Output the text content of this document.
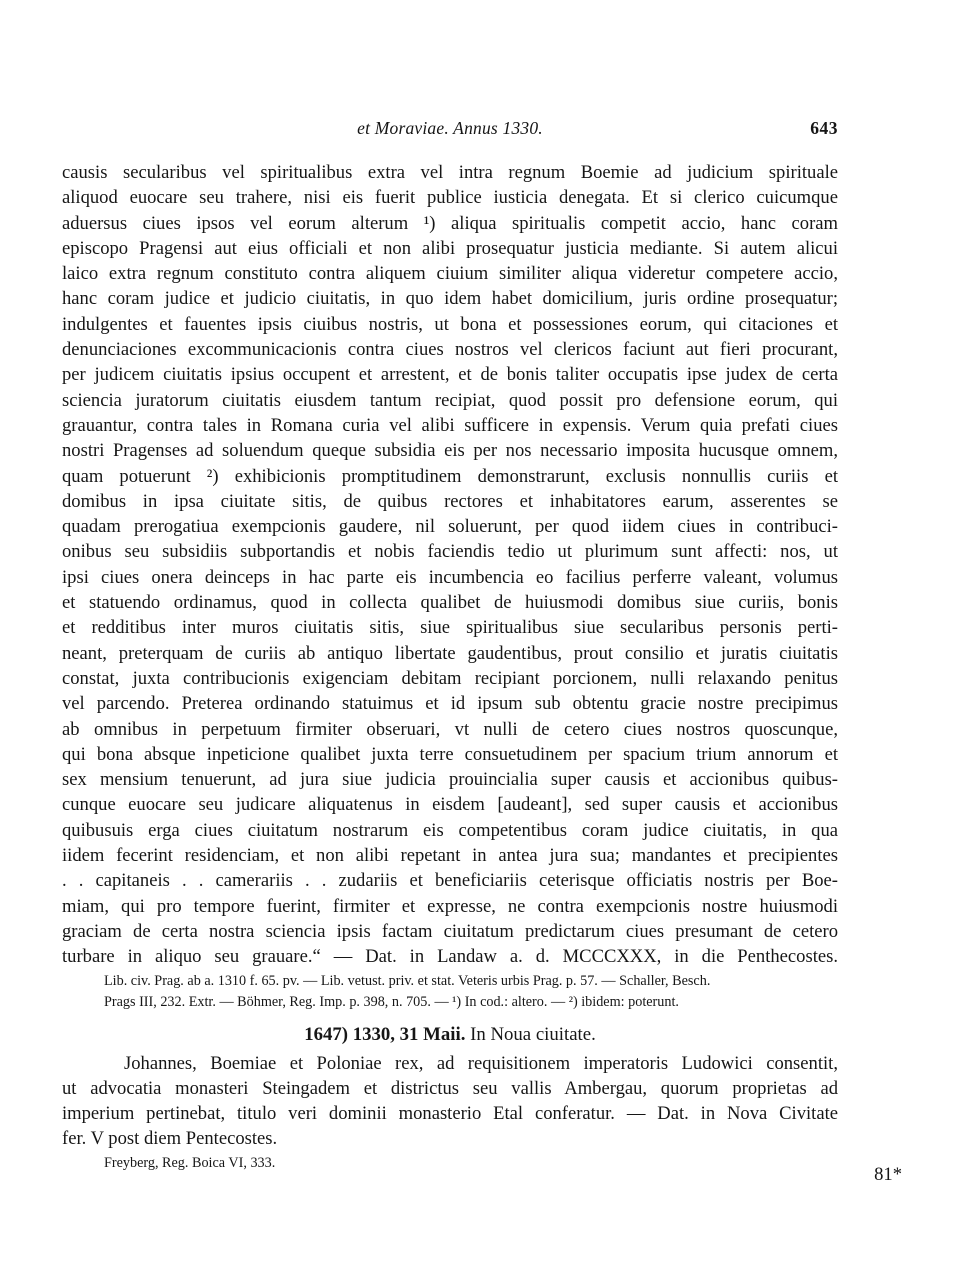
et Moraviae. Annus 1330.	643
causis secularibus vel spiritualibus extra vel intra regnum Boemie ad judicium spirituale
aliquod euocare seu trahere, nisi eis fuerit publice iusticia denegata. Et si clerico cuicumque
aduersus ciues ipsos vel eorum alterum ¹) aliqua spiritualis competit accio, hanc coram
episcopo Pragensi aut eius officiali et non alibi prosequatur justicia mediante. Si autem alicui
laico extra regnum constituto contra aliquem ciuium similiter aliqua videretur competere accio,
hanc coram judice et judicio ciuitatis, in quo idem habet domicilium, juris ordine prosequatur;
indulgentes et fauentes ipsis ciuibus nostris, ut bona et possessiones eorum, qui citaciones et
denunciaciones excommunicacionis contra ciues nostros vel clericos faciunt aut fieri procurant,
per judicem ciuitatis ipsius occupent et arrestent, et de bonis taliter occupatis ipse judex de certa
sciencia juratorum ciuitatis eiusdem tantum recipiat, quod possit pro defensione eorum, qui
grauantur, contra tales in Romana curia vel alibi sufficere in expensis. Verum quia prefati ciues
nostri Pragenses ad soluendum queque subsidia eis per nos necessario imposita hucusque omnem,
quam potuerunt ²) exhibicionis promptitudinem demonstrarunt, exclusis nonnullis curiis et
domibus in ipsa ciuitate sitis, de quibus rectores et inhabitatores earum, asserentes se
quadam prerogatiua exempcionis gaudere, nil soluerunt, per quod iidem ciues in contribuci-
onibus seu subsidiis subportandis et nobis faciendis tedio ut plurimum sunt affecti: nos, ut
ipsi ciues onera deinceps in hac parte eis incumbencia eo facilius perferre valeant, volumus
et statuendo ordinamus, quod in collecta qualibet de huiusmodi domibus siue curiis, bonis
et redditibus inter muros ciuitatis sitis, siue spiritualibus siue secularibus personis perti-
neant, preterquam de curiis ab antiquo libertate gaudentibus, prout consilio et juratis ciuitatis
constat, juxta contribucionis exigenciam debitam recipiant porcionem, nulli relaxando penitus
vel parcendo. Preterea ordinando statuimus et id ipsum sub obtentu gracie nostre precipimus
ab omnibus in perpetuum firmiter obseruari, vt nulli de cetero ciues nostros quoscunque,
qui bona absque inpeticione qualibet juxta terre consuetudinem per spacium trium annorum et
sex mensium tenuerunt, ad jura siue judicia prouincialia super causis et accionibus quibus-
cunque euocare seu judicare aliquatenus in eisdem [audeant], sed super causis et accionibus
quibusuis erga ciues ciuitatum nostrarum eis competentibus coram judice ciuitatis, in qua
iidem fecerint residenciam, et non alibi repetant in antea jura sua; mandantes et precipientes
. . capitaneis . . camerariis . . zudariis et beneficiariis ceterisque officiatis nostris per Boe-
miam, qui pro tempore fuerint, firmiter et expresse, ne contra exempcionis nostre huiusmodi
graciam de certa nostra sciencia ipsis factam ciuitatum predictarum ciues presumant de cetero
turbare in aliquo seu grauare.“ — Dat. in Landaw a. d. MCCCXXX, in die Penthecostes.
Lib. civ. Prag. ab a. 1310 f. 65. pv. — Lib. vetust. priv. et stat. Veteris urbis Prag. p. 57. — Schaller, Besch.
Prags III, 232. Extr. — Böhmer, Reg. Imp. p. 398, n. 705. — ¹) In cod.: altero. — ²) ibidem: poterunt.
1647) 1330, 31 Maii. In Noua ciuitate.
Johannes, Boemiae et Poloniae rex, ad requisitionem imperatoris Ludowici consentit,
ut advocatia monasteri Steingadem et districtus seu vallis Ambergau, quorum proprietas ad
imperium pertinebat, titulo veri dominii monasterio Etal conferatur. — Dat. in Nova Civitate
fer. V post diem Pentecostes.
Freyberg, Reg. Boica VI, 333.
81*
